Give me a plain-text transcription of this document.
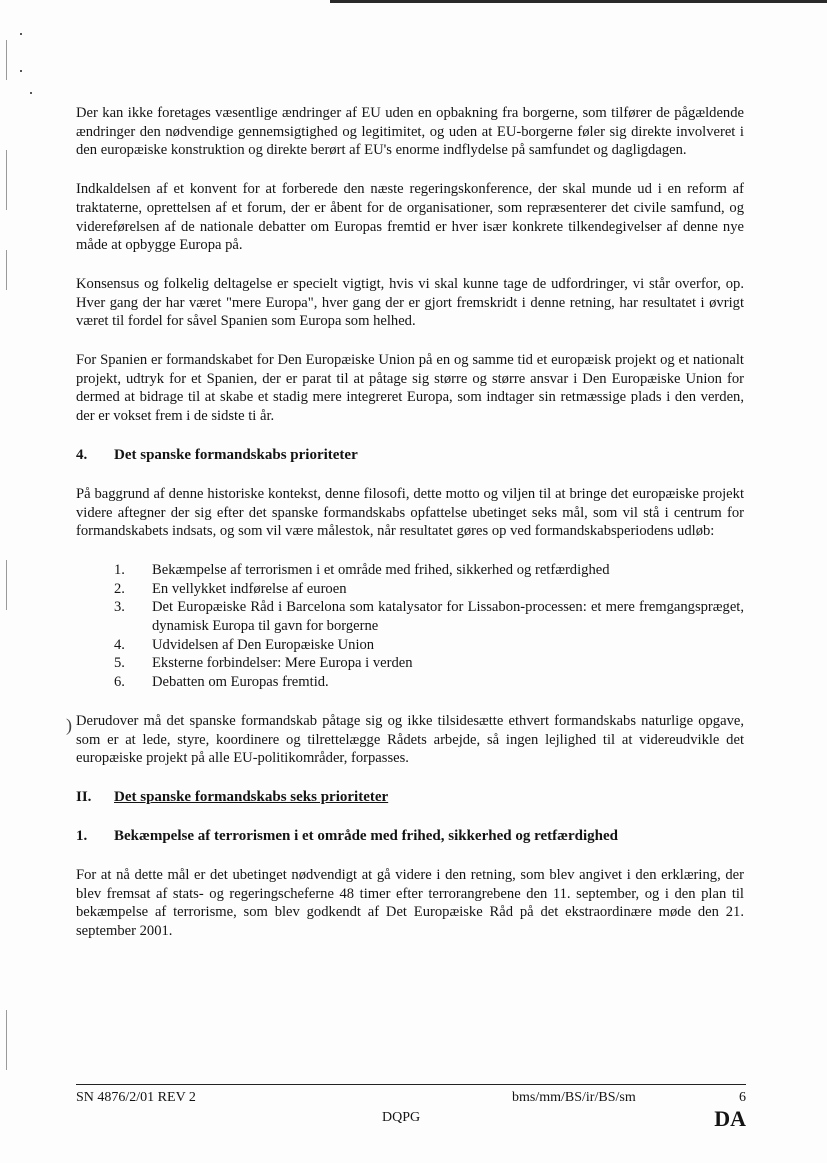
)

Der kan ikke foretages væsentlige ændringer af EU uden en opbakning fra borgerne, som tilfører de pågældende ændringer den nødvendige gennemsigtighed og legitimitet, og uden at EU-borgerne føler sig direkte involveret i den europæiske konstruktion og direkte berørt af EU's enorme indflydelse på samfundet og dagligdagen.

Indkaldelsen af et konvent for at forberede den næste regeringskonference, der skal munde ud i en reform af traktaterne, oprettelsen af et forum, der er åbent for de organisationer, som repræsenterer det civile samfund, og videreførelsen af de nationale debatter om Europas fremtid er hver især konkrete tilkendegivelser af denne nye måde at opbygge Europa på.

Konsensus og folkelig deltagelse er specielt vigtigt, hvis vi skal kunne tage de udfordringer, vi står overfor, op. Hver gang der har været "mere Europa", hver gang der er gjort fremskridt i denne retning, har resultatet i øvrigt været til fordel for såvel Spanien som Europa som helhed.

For Spanien er formandskabet for Den Europæiske Union på en og samme tid et europæisk projekt og et nationalt projekt, udtryk for et Spanien, der er parat til at påtage sig større og større ansvar i Den Europæiske Union for dermed at bidrage til at skabe et stadig mere integreret Europa, som indtager sin retmæssige plads i den verden, der er vokset frem i de sidste ti år.

4.	Det spanske formandskabs prioriteter

På baggrund af denne historiske kontekst, denne filosofi, dette motto og viljen til at bringe det europæiske projekt videre aftegner der sig efter det spanske formandskabs opfattelse ubetinget seks mål, som vil stå i centrum for formandskabets indsats, og som vil være målestok, når resultatet gøres op ved formandskabsperiodens udløb:

1.	Bekæmpelse af terrorismen i et område med frihed, sikkerhed og retfærdighed
2.	En vellykket indførelse af euroen
3.	Det Europæiske Råd i Barcelona som katalysator for Lissabon-processen: et mere fremgangspræget, dynamisk Europa til gavn for borgerne
4.	Udvidelsen af Den Europæiske Union
5.	Eksterne forbindelser: Mere Europa i verden
6.	Debatten om Europas fremtid.

Derudover må det spanske formandskab påtage sig og ikke tilsidesætte ethvert formandskabs naturlige opgave, som er at lede, styre, koordinere og tilrettelægge Rådets arbejde, så ingen lejlighed til at videreudvikle det europæiske projekt på alle EU-politikområder, forpasses.

II.	Det spanske formandskabs seks prioriteter
1.	Bekæmpelse af terrorismen i et område med frihed, sikkerhed og retfærdighed

For at nå dette mål er det ubetinget nødvendigt at gå videre i den retning, som blev angivet i den erklæring, der blev fremsat af stats- og regeringscheferne 48 timer efter terrorangrebene den 11. september, og i den plan til bekæmpelse af terrorisme, som blev godkendt af Det Europæiske Råd på det ekstraordinære møde den 21. september 2001.

SN 4876/2/01 REV 2	bms/mm/BS/ir/BS/sm	6
DQPG	DA
